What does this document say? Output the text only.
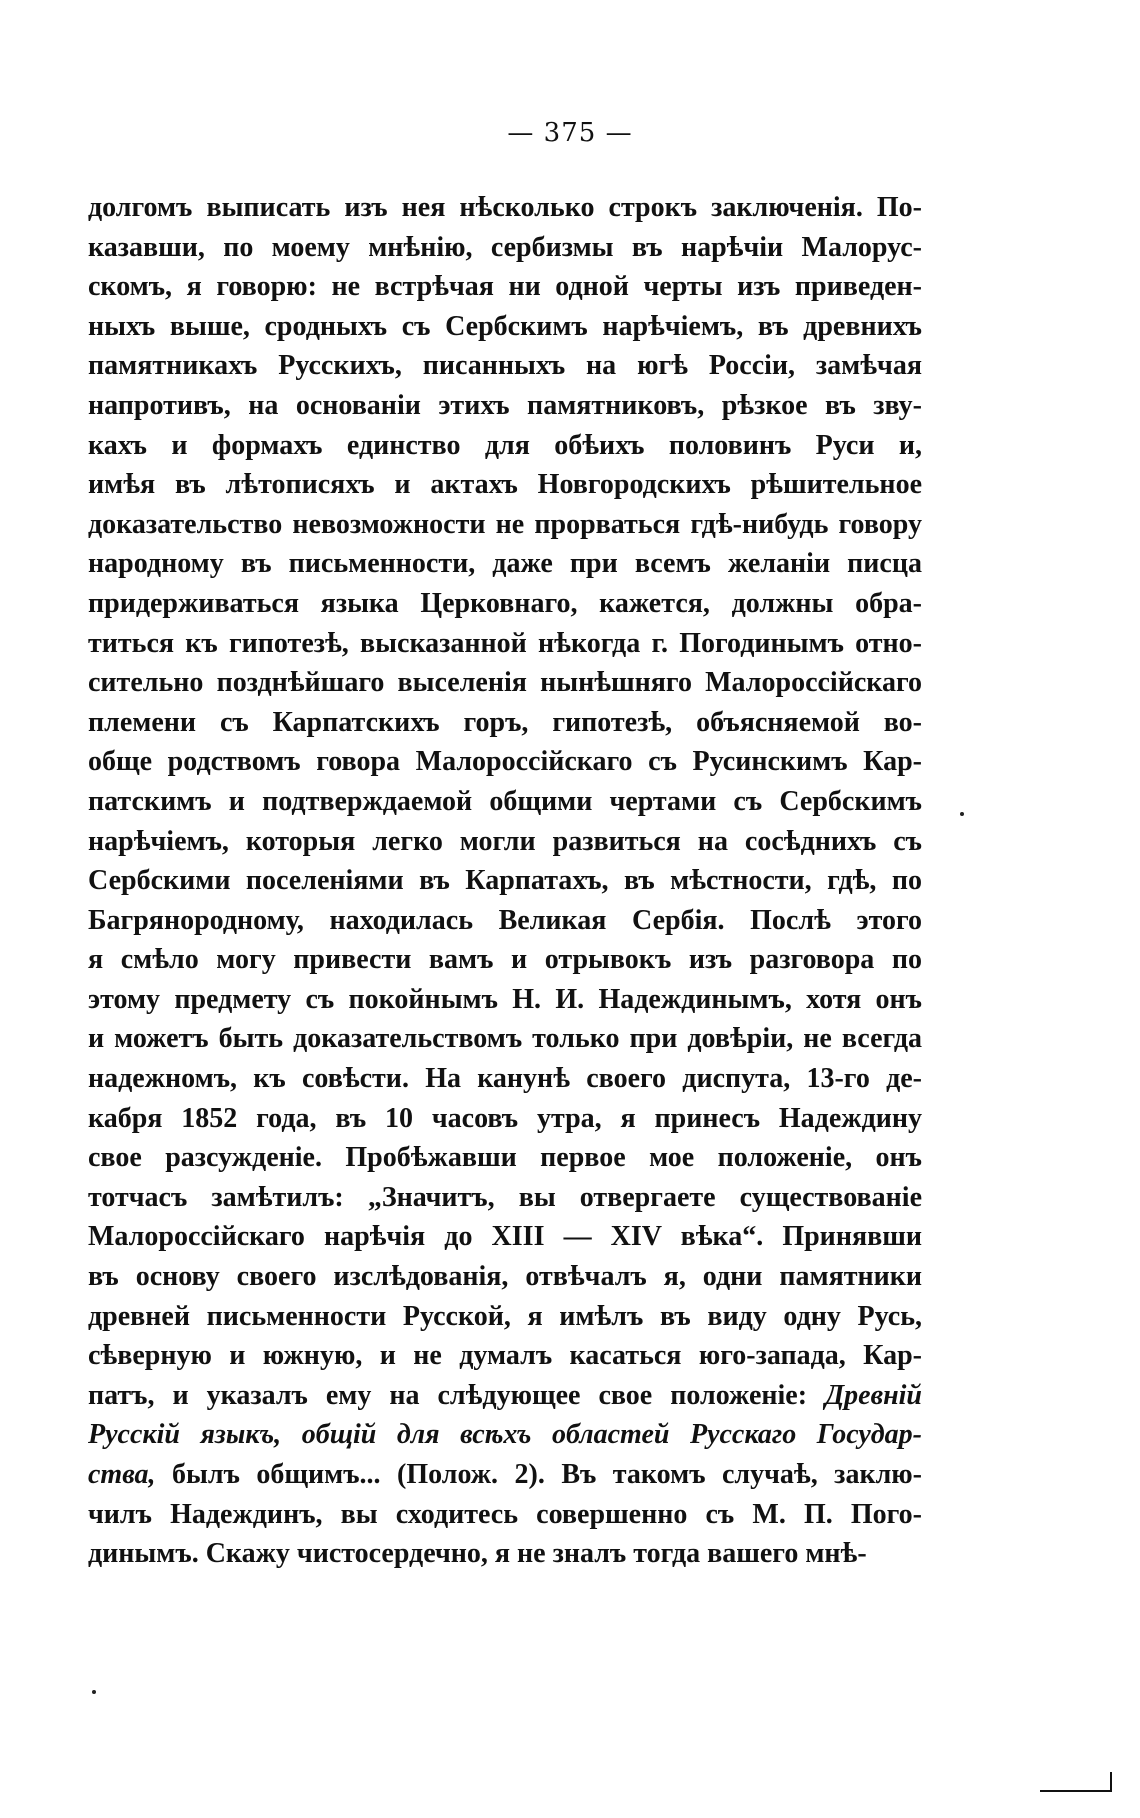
— 375 —
долгомъ выписать изъ нея нѣсколько строкъ заключенія. По-
казавши, по моему мнѣнію, сербизмы въ нарѣчіи Малорус-
скомъ, я говорю: не встрѣчая ни одной черты изъ приведен-
ныхъ выше, сродныхъ съ Сербскимъ нарѣчіемъ, въ древнихъ
памятникахъ Русскихъ, писанныхъ на югѣ Россіи, замѣчая
напротивъ, на основаніи этихъ памятниковъ, рѣзкое въ зву-
кахъ и формахъ единство для обѣихъ половинъ Руси и,
имѣя въ лѣтописяхъ и актахъ Новгородскихъ рѣшительное
доказательство невозможности не прорваться гдѣ-нибудь говору
народному въ письменности, даже при всемъ желаніи писца
придерживаться языка Церковнаго, кажется, должны обра-
титься къ гипотезѣ, высказанной нѣкогда г. Погодинымъ отно-
сительно позднѣйшаго выселенія нынѣшняго Малороссійскаго
племени съ Карпатскихъ горъ, гипотезѣ, объясняемой во-
обще родствомъ говора Малороссійскаго съ Русинскимъ Кар-
патскимъ и подтверждаемой общими чертами съ Сербскимъ
нарѣчіемъ, которыя легко могли развиться на сосѣднихъ съ
Сербскими поселеніями въ Карпатахъ, въ мѣстности, гдѣ, по
Багрянородному, находилась Великая Сербія. Послѣ этого
я смѣло могу привести вамъ и отрывокъ изъ разговора по
этому предмету съ покойнымъ Н. И. Надеждинымъ, хотя онъ
и можетъ быть доказательствомъ только при довѣріи, не всегда
надежномъ, къ совѣсти. На канунѣ своего диспута, 13-го де-
кабря 1852 года, въ 10 часовъ утра, я принесъ Надеждину
свое разсужденіе. Пробѣжавши первое мое положеніе, онъ
тотчасъ замѣтилъ: „Значитъ, вы отвергаете существованіе
Малороссійскаго нарѣчія до XIII — XIV вѣка“. Принявши
въ основу своего изслѣдованія, отвѣчалъ я, одни памятники
древней письменности Русской, я имѣлъ въ виду одну Русь,
сѣверную и южную, и не думалъ касаться юго-запада, Кар-
патъ, и указалъ ему на слѣдующее свое положеніе: Древній
Русскій языкъ, общій для всѣхъ областей Русскаго Государ-
ства, былъ общимъ... (Полож. 2). Въ такомъ случаѣ, заклю-
чилъ Надеждинъ, вы сходитесь совершенно съ М. П. Пого-
динымъ. Скажу чистосердечно, я не зналъ тогда вашего мнѣ-
